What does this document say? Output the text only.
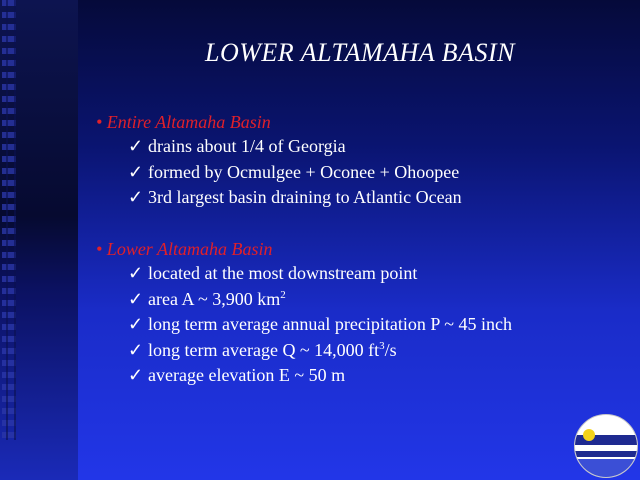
LOWER ALTAMAHA BASIN
• Entire Altamaha Basin
✓ drains about 1/4 of Georgia
✓ formed by Ocmulgee + Oconee + Ohoopee
✓ 3rd largest basin draining to Atlantic Ocean
• Lower Altamaha Basin
✓ located at the most downstream point
✓ area A ~ 3,900 $km^2$
✓ long term average annual precipitation P ~ 45 inch
✓ long term average Q ~ 14,000 $ft^3/s$
✓ average elevation E ~ 50 m
